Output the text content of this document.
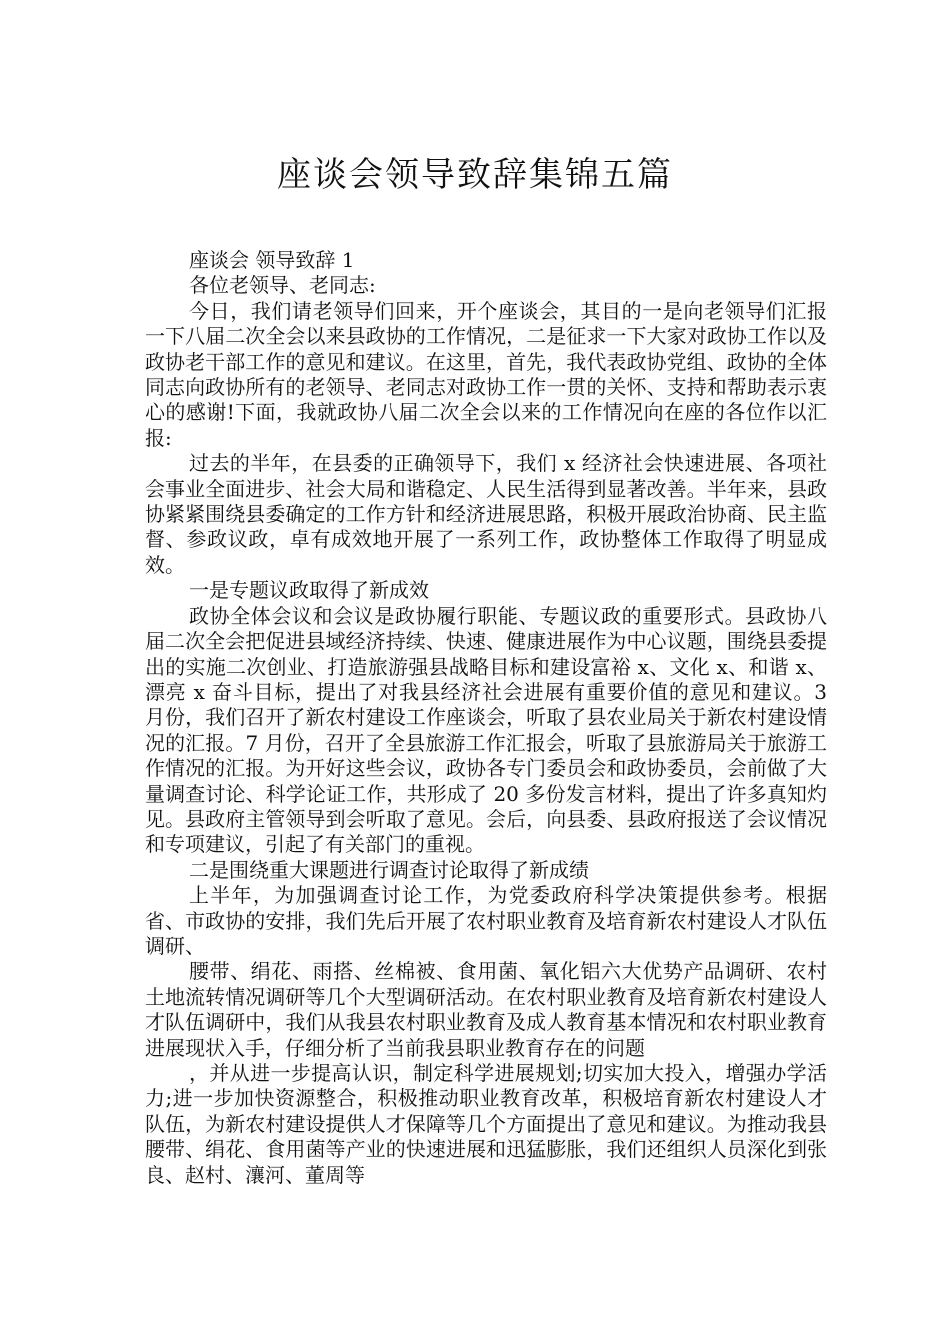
座谈会领导致辞集锦五篇

座谈会 领导致辞 1

各位老领导、老同志:

今日，我们请老领导们回来，开个座谈会，其目的一是向老领导们汇报一下八届二次全会以来县政协的工作情况，二是征求一下大家对政协工作以及政协老干部工作的意见和建议。在这里，首先，我代表政协党组、政协的全体同志向政协所有的老领导、老同志对政协工作一贯的关怀、支持和帮助表示衷心的感谢!下面，我就政协八届二次全会以来的工作情况向在座的各位作以汇报:

过去的半年，在县委的正确领导下，我们 x 经济社会快速进展、各项社会事业全面进步、社会大局和谐稳定、人民生活得到显著改善。半年来，县政协紧紧围绕县委确定的工作方针和经济进展思路，积极开展政治协商、民主监督、参政议政，卓有成效地开展了一系列工作，政协整体工作取得了明显成效。

一是专题议政取得了新成效

政协全体会议和会议是政协履行职能、专题议政的重要形式。县政协八届二次全会把促进县域经济持续、快速、健康进展作为中心议题，围绕县委提出的实施二次创业、打造旅游强县战略目标和建设富裕 x、文化 x、和谐 x、漂亮 x 奋斗目标，提出了对我县经济社会进展有重要价值的意见和建议。3 月份，我们召开了新农村建设工作座谈会，听取了县农业局关于新农村建设情况的汇报。7 月份，召开了全县旅游工作汇报会，听取了县旅游局关于旅游工作情况的汇报。为开好这些会议，政协各专门委员会和政协委员，会前做了大量调查讨论、科学论证工作，共形成了 20 多份发言材料，提出了许多真知灼见。县政府主管领导到会听取了意见。会后，向县委、县政府报送了会议情况和专项建议，引起了有关部门的重视。

二是围绕重大课题进行调查讨论取得了新成绩

上半年，为加强调查讨论工作，为党委政府科学决策提供参考。根据省、市政协的安排，我们先后开展了农村职业教育及培育新农村建设人才队伍调研、

腰带、绢花、雨搭、丝棉被、食用菌、氧化铝六大优势产品调研、农村土地流转情况调研等几个大型调研活动。在农村职业教育及培育新农村建设人才队伍调研中，我们从我县农村职业教育及成人教育基本情况和农村职业教育进展现状入手，仔细分析了当前我县职业教育存在的问题

，并从进一步提高认识，制定科学进展规划;切实加大投入，增强办学活力;进一步加快资源整合，积极推动职业教育改革，积极培育新农村建设人才队伍，为新农村建设提供人才保障等几个方面提出了意见和建议。为推动我县腰带、绢花、食用菌等产业的快速进展和迅猛膨胀，我们还组织人员深化到张良、赵村、瀼河、董周等
